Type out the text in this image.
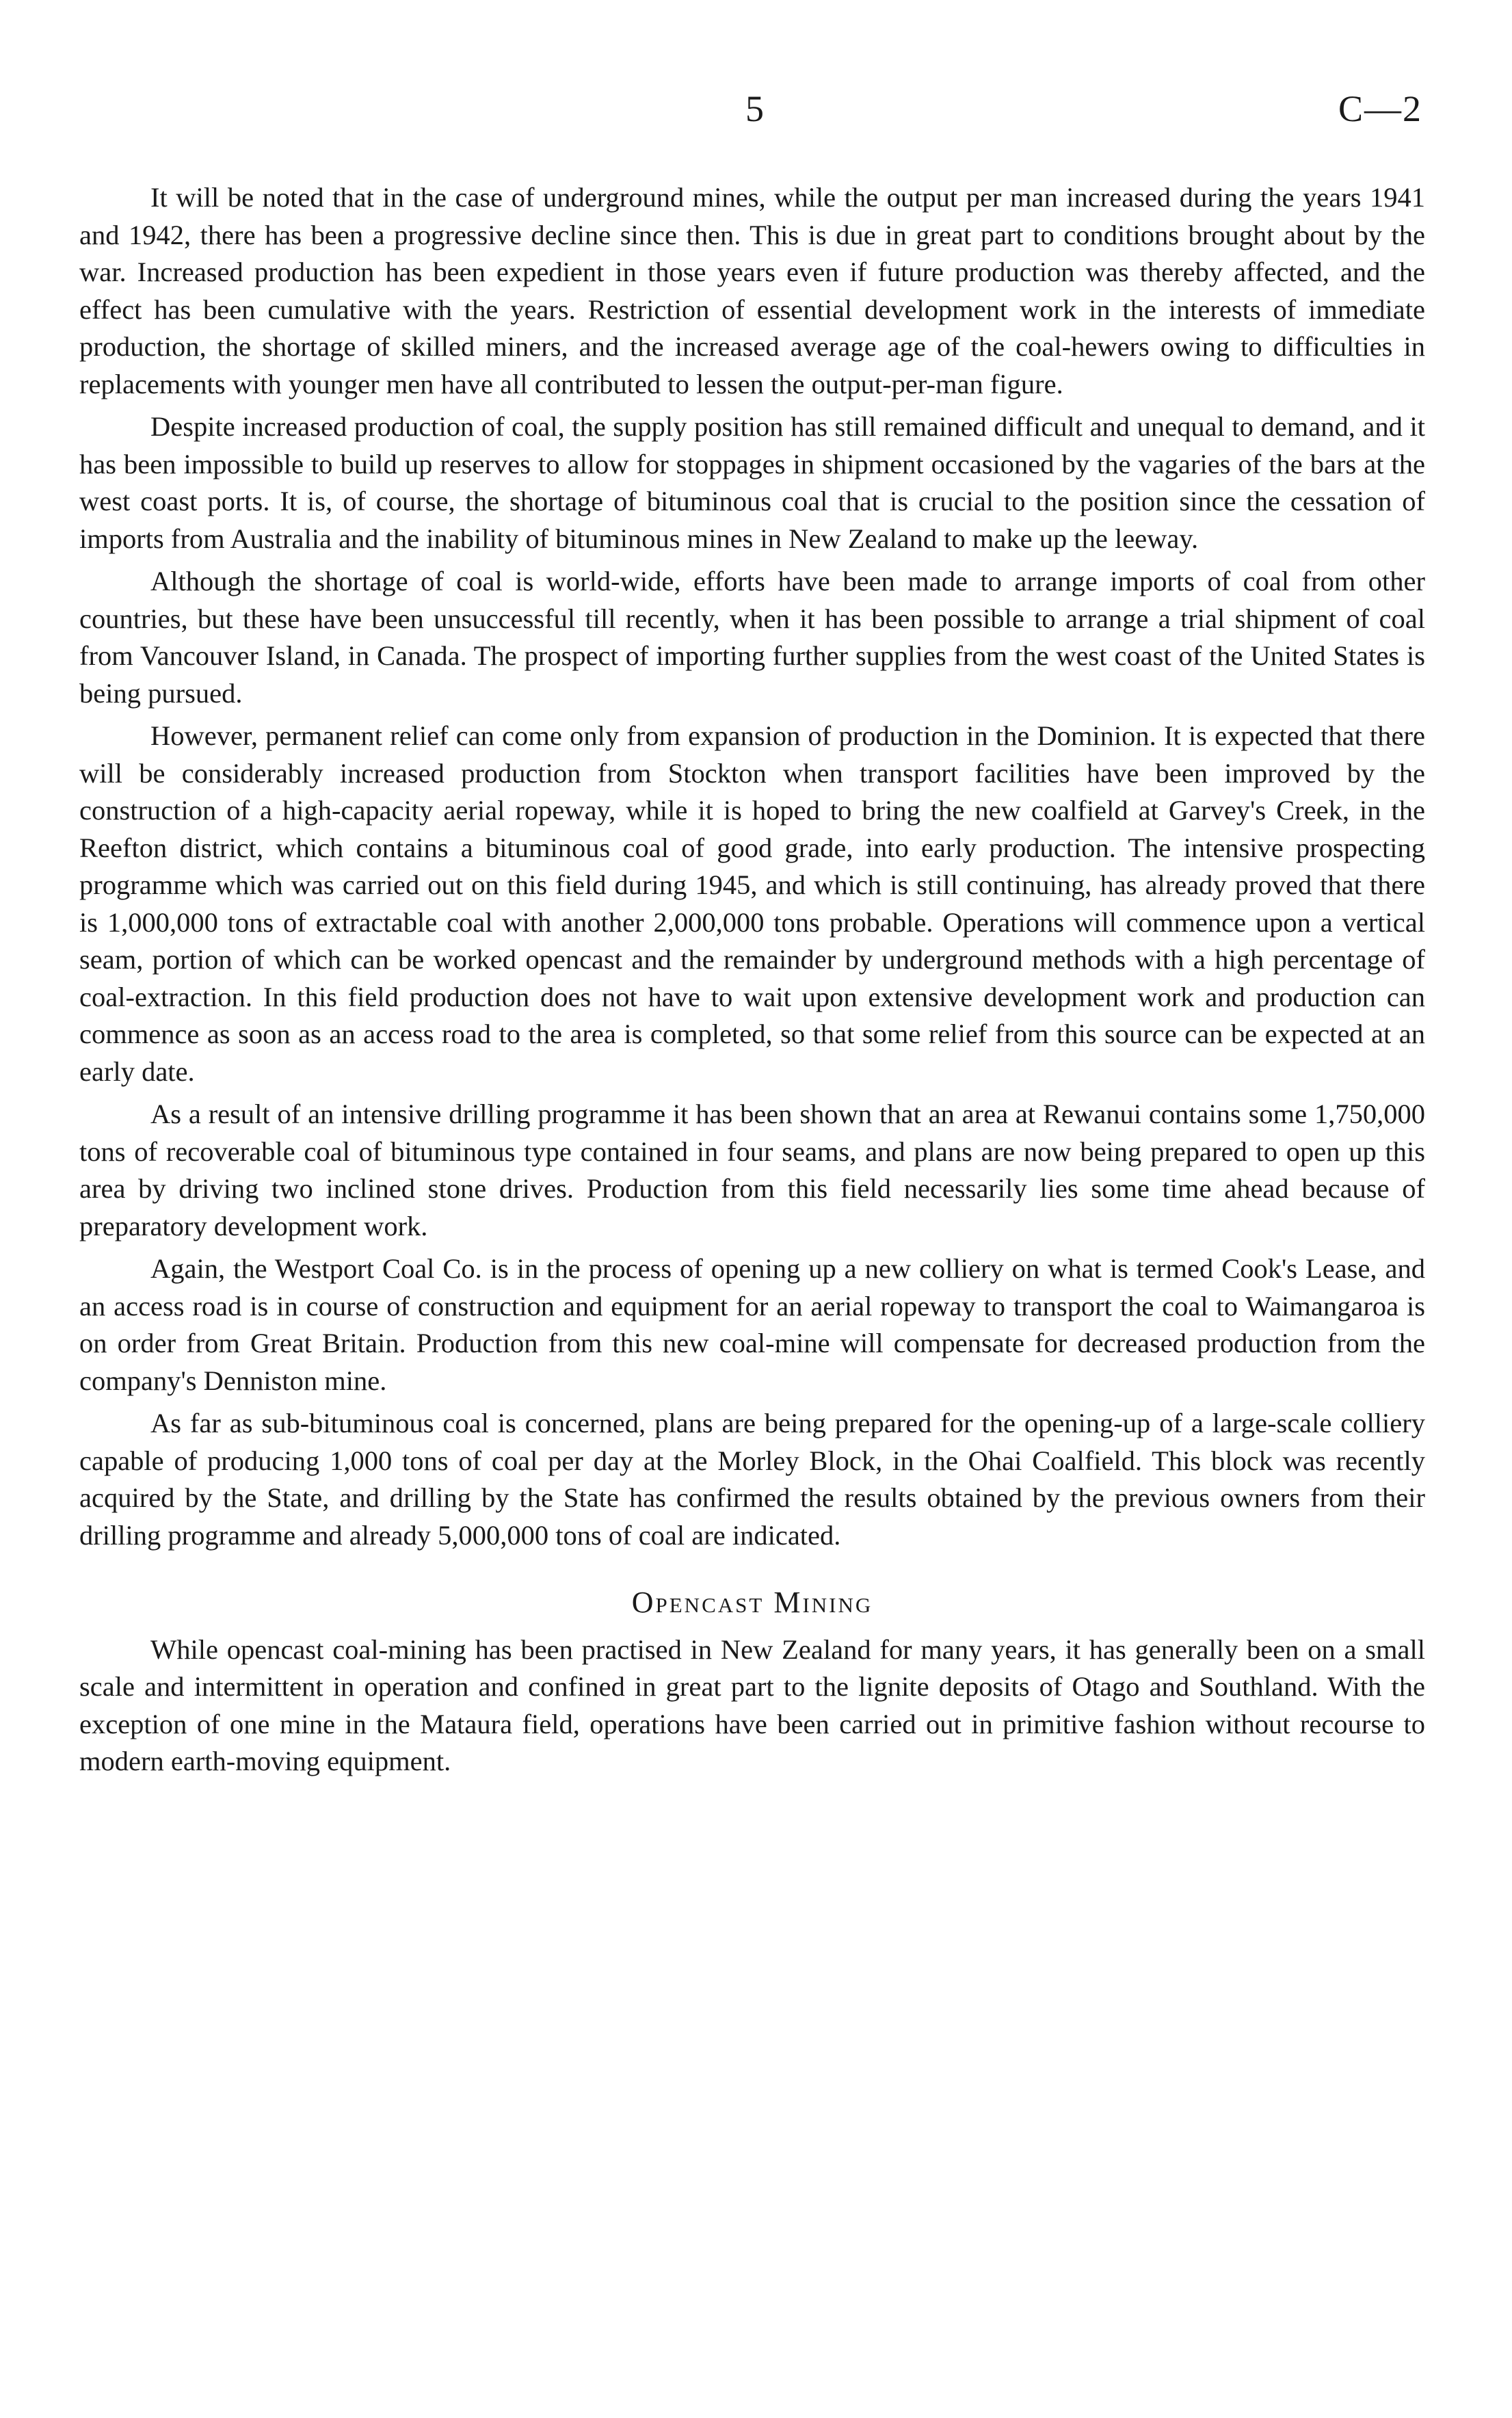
5	C—2

It will be noted that in the case of underground mines, while the output per man increased during the years 1941 and 1942, there has been a progressive decline since then. This is due in great part to conditions brought about by the war. Increased production has been expedient in those years even if future production was thereby affected, and the effect has been cumulative with the years. Restriction of essential development work in the interests of immediate production, the shortage of skilled miners, and the increased average age of the coal-hewers owing to difficulties in replacements with younger men have all contributed to lessen the output-per-man figure.

Despite increased production of coal, the supply position has still remained difficult and unequal to demand, and it has been impossible to build up reserves to allow for stoppages in shipment occasioned by the vagaries of the bars at the west coast ports. It is, of course, the shortage of bituminous coal that is crucial to the position since the cessation of imports from Australia and the inability of bituminous mines in New Zealand to make up the leeway.

Although the shortage of coal is world-wide, efforts have been made to arrange imports of coal from other countries, but these have been unsuccessful till recently, when it has been possible to arrange a trial shipment of coal from Vancouver Island, in Canada. The prospect of importing further supplies from the west coast of the United States is being pursued.

However, permanent relief can come only from expansion of production in the Dominion. It is expected that there will be considerably increased production from Stockton when transport facilities have been improved by the construction of a high-capacity aerial ropeway, while it is hoped to bring the new coalfield at Garvey's Creek, in the Reefton district, which contains a bituminous coal of good grade, into early production. The intensive prospecting programme which was carried out on this field during 1945, and which is still continuing, has already proved that there is 1,000,000 tons of extractable coal with another 2,000,000 tons probable. Operations will commence upon a vertical seam, portion of which can be worked opencast and the remainder by underground methods with a high percentage of coal-extraction. In this field production does not have to wait upon extensive development work and production can commence as soon as an access road to the area is completed, so that some relief from this source can be expected at an early date.

As a result of an intensive drilling programme it has been shown that an area at Rewanui contains some 1,750,000 tons of recoverable coal of bituminous type contained in four seams, and plans are now being prepared to open up this area by driving two inclined stone drives. Production from this field necessarily lies some time ahead because of preparatory development work.

Again, the Westport Coal Co. is in the process of opening up a new colliery on what is termed Cook's Lease, and an access road is in course of construction and equipment for an aerial ropeway to transport the coal to Waimangaroa is on order from Great Britain. Production from this new coal-mine will compensate for decreased production from the company's Denniston mine.

As far as sub-bituminous coal is concerned, plans are being prepared for the opening-up of a large-scale colliery capable of producing 1,000 tons of coal per day at the Morley Block, in the Ohai Coalfield. This block was recently acquired by the State, and drilling by the State has confirmed the results obtained by the previous owners from their drilling programme and already 5,000,000 tons of coal are indicated.

Opencast Mining

While opencast coal-mining has been practised in New Zealand for many years, it has generally been on a small scale and intermittent in operation and confined in great part to the lignite deposits of Otago and Southland. With the exception of one mine in the Mataura field, operations have been carried out in primitive fashion without recourse to modern earth-moving equipment.
